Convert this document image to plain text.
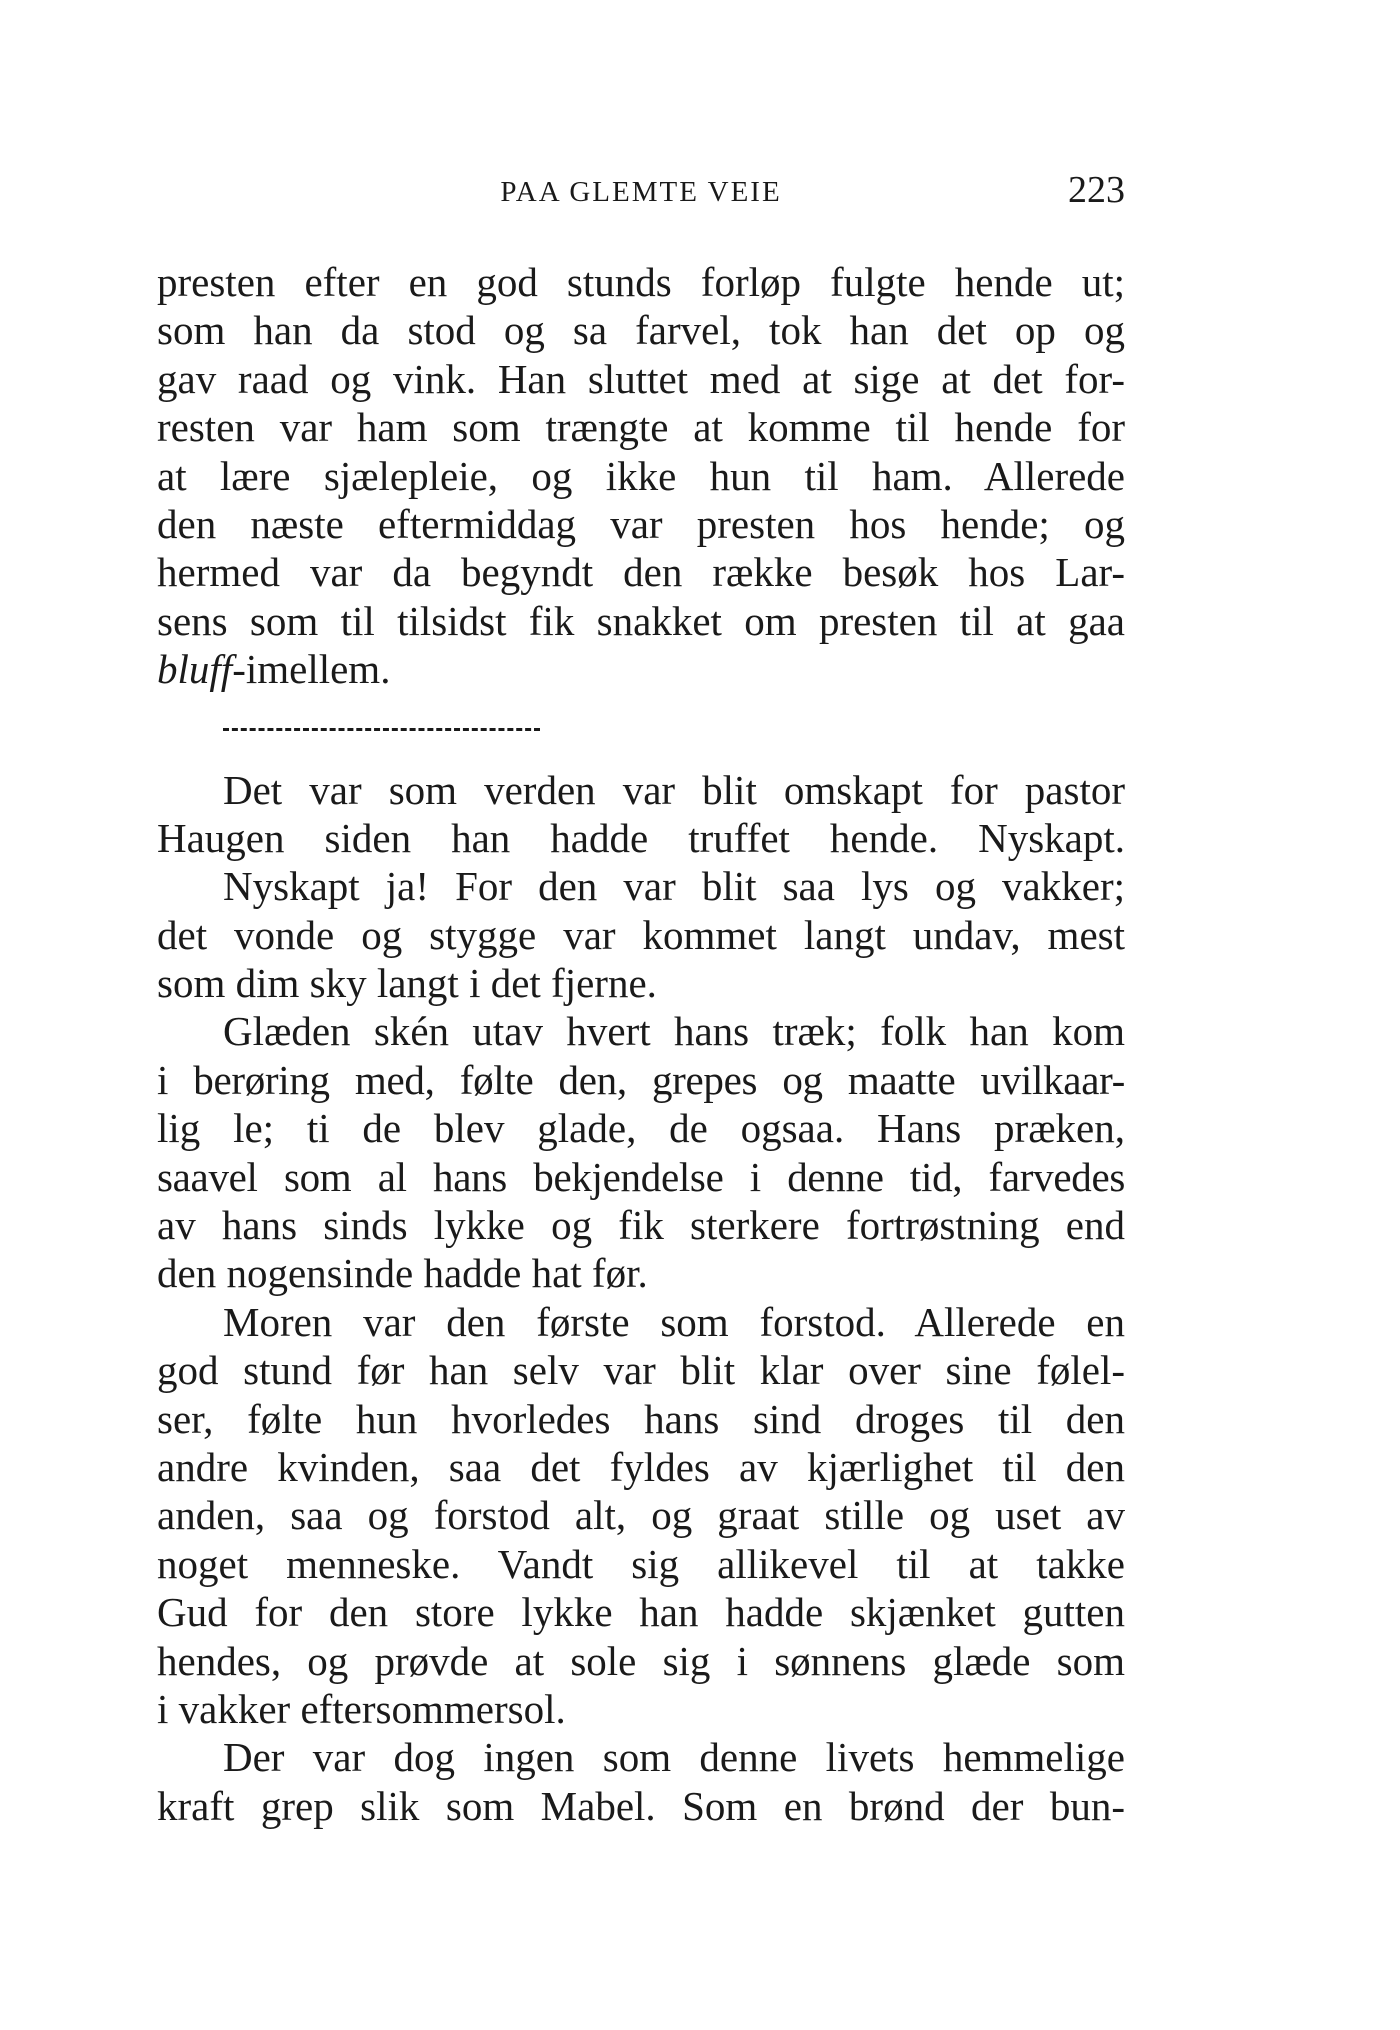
PAA GLEMTE VEIE	223
presten efter en god stunds forløp fulgte hende ut;
som han da stod og sa farvel, tok han det op og
gav raad og vink. Han sluttet med at sige at det for-
resten var ham som trængte at komme til hende for
at lære sjælepleie, og ikke hun til ham. Allerede
den næste eftermiddag var presten hos hende; og
hermed var da begyndt den række besøk hos Lar-
sens som til tilsidst fik snakket om presten til at gaa
bluff-imellem.
Det var som verden var blit omskapt for pastor
Haugen siden han hadde truffet hende. Nyskapt.
Nyskapt ja! For den var blit saa lys og vakker;
det vonde og stygge var kommet langt undav, mest
som dim sky langt i det fjerne.
Glæden skén utav hvert hans træk; folk han kom
i berøring med, følte den, grepes og maatte uvilkaar-
lig le; ti de blev glade, de ogsaa. Hans præken,
saavel som al hans bekjendelse i denne tid, farvedes
av hans sinds lykke og fik sterkere fortrøstning end
den nogensinde hadde hat før.
Moren var den første som forstod. Allerede en
god stund før han selv var blit klar over sine følel-
ser, følte hun hvorledes hans sind droges til den
andre kvinden, saa det fyldes av kjærlighet til den
anden, saa og forstod alt, og graat stille og uset av
noget menneske. Vandt sig allikevel til at takke
Gud for den store lykke han hadde skjænket gutten
hendes, og prøvde at sole sig i sønnens glæde som
i vakker eftersommersol.
Der var dog ingen som denne livets hemmelige
kraft grep slik som Mabel. Som en brønd der bun-
